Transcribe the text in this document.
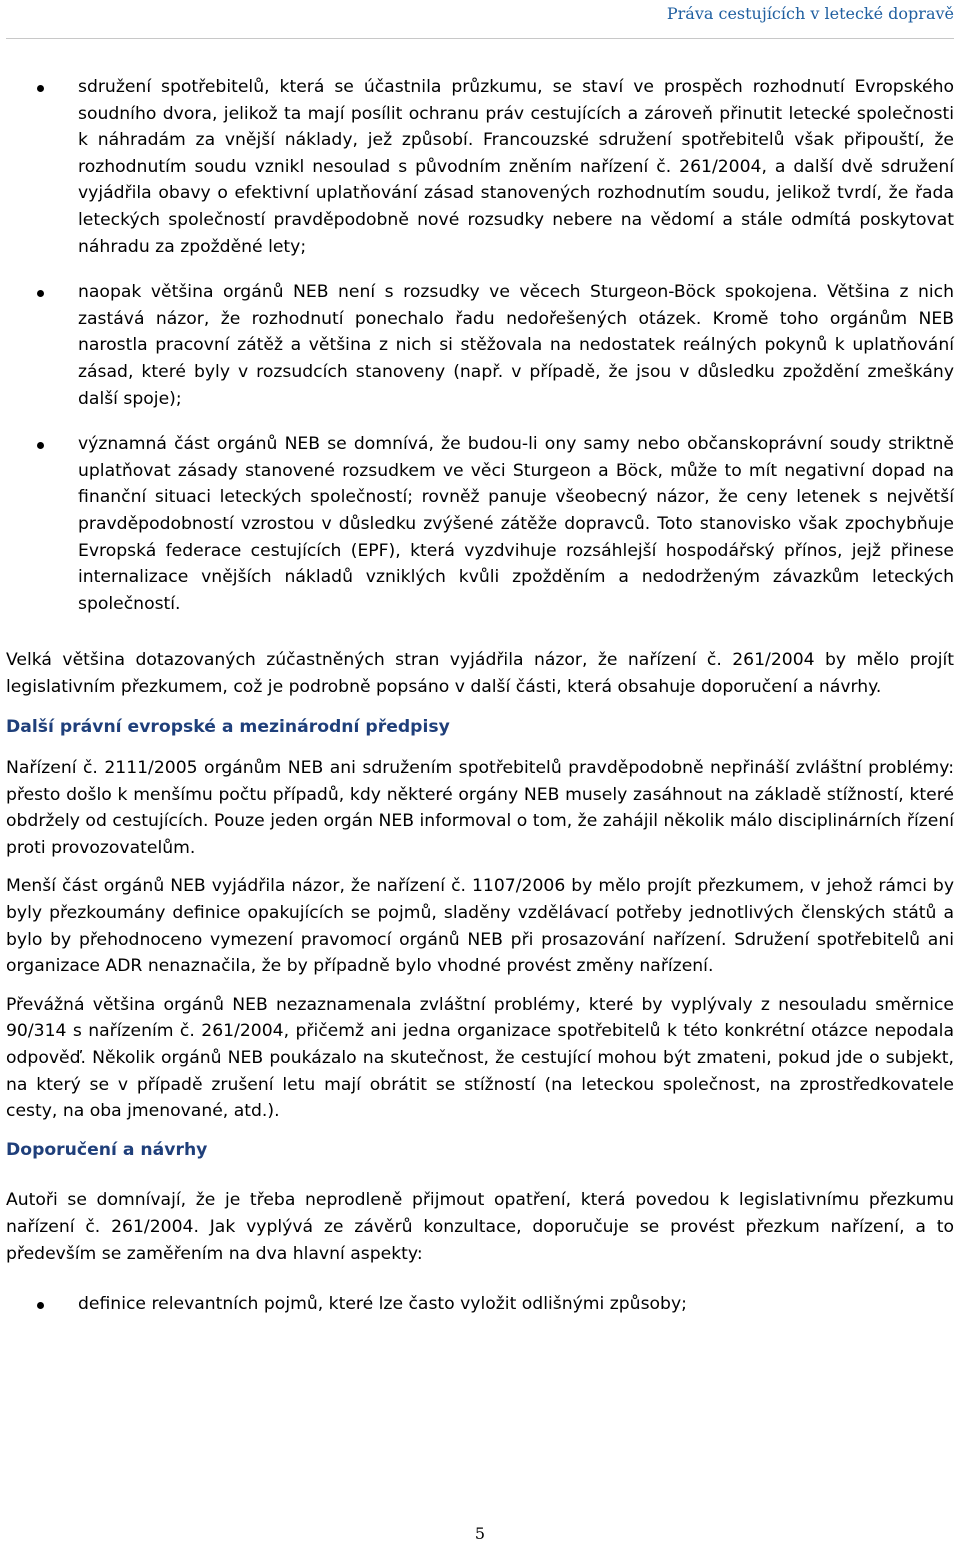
Práva cestujících v letecké dopravě
sdružení spotřebitelů, která se účastnila průzkumu, se staví ve prospěch rozhodnutí Evropského soudního dvora, jelikož ta mají posílit ochranu práv cestujících a zároveň přinutit letecké společnosti k náhradám za vnější náklady, jež způsobí. Francouzské sdružení spotřebitelů však připouští, že rozhodnutím soudu vznikl nesoulad s původním zněním nařízení č. 261/2004, a další dvě sdružení vyjádřila obavy o efektivní uplatňování zásad stanovených rozhodnutím soudu, jelikož tvrdí, že řada leteckých společností pravděpodobně nové rozsudky nebere na vědomí a stále odmítá poskytovat náhradu za zpožděné lety;
naopak většina orgánů NEB není s rozsudky ve věcech Sturgeon-Böck spokojena. Většina z nich zastává názor, že rozhodnutí ponechalo řadu nedořešených otázek. Kromě toho orgánům NEB narostla pracovní zátěž a většina z nich si stěžovala na nedostatek reálných pokynů k uplatňování zásad, které byly v rozsudcích stanoveny (např. v případě, že jsou v důsledku zpoždění zmeškány další spoje);
významná část orgánů NEB se domnívá, že budou-li ony samy nebo občanskoprávní soudy striktně uplatňovat zásady stanovené rozsudkem ve věci Sturgeon a Böck, může to mít negativní dopad na finanční situaci leteckých společností; rovněž panuje všeobecný názor, že ceny letenek s největší pravděpodobností vzrostou v důsledku zvýšené zátěže dopravců. Toto stanovisko však zpochybňuje Evropská federace cestujících (EPF), která vyzdvihuje rozsáhlejší hospodářský přínos, jejž přinese internalizace vnějších nákladů vzniklých kvůli zpožděním a nedodrženým závazkům leteckých společností.

Velká většina dotazovaných zúčastněných stran vyjádřila názor, že nařízení č. 261/2004 by mělo projít legislativním přezkumem, což je podrobně popsáno v další části, která obsahuje doporučení a návrhy.

Další právní evropské a mezinárodní předpisy

Nařízení č. 2111/2005 orgánům NEB ani sdružením spotřebitelů pravděpodobně nepřináší zvláštní problémy: přesto došlo k menšímu počtu případů, kdy některé orgány NEB musely zasáhnout na základě stížností, které obdržely od cestujících. Pouze jeden orgán NEB informoval o tom, že zahájil několik málo disciplinárních řízení proti provozovatelům.

Menší část orgánů NEB vyjádřila názor, že nařízení č. 1107/2006 by mělo projít přezkumem, v jehož rámci by byly přezkoumány definice opakujících se pojmů, sladěny vzdělávací potřeby jednotlivých členských států a bylo by přehodnoceno vymezení pravomocí orgánů NEB při prosazování nařízení. Sdružení spotřebitelů ani organizace ADR nenaznačila, že by případně bylo vhodné provést změny nařízení.

Převážná většina orgánů NEB nezaznamenala zvláštní problémy, které by vyplývaly z nesouladu směrnice 90/314 s nařízením č. 261/2004, přičemž ani jedna organizace spotřebitelů k této konkrétní otázce nepodala odpověď. Několik orgánů NEB poukázalo na skutečnost, že cestující mohou být zmateni, pokud jde o subjekt, na který se v případě zrušení letu mají obrátit se stížností (na leteckou společnost, na zprostředkovatele cesty, na oba jmenované, atd.).

Doporučení a návrhy

Autoři se domnívají, že je třeba neprodleně přijmout opatření, která povedou k legislativnímu přezkumu nařízení č. 261/2004. Jak vyplývá ze závěrů konzultace, doporučuje se provést přezkum nařízení, a to především se zaměřením na dva hlavní aspekty:

definice relevantních pojmů, které lze často vyložit odlišnými způsoby;
5
